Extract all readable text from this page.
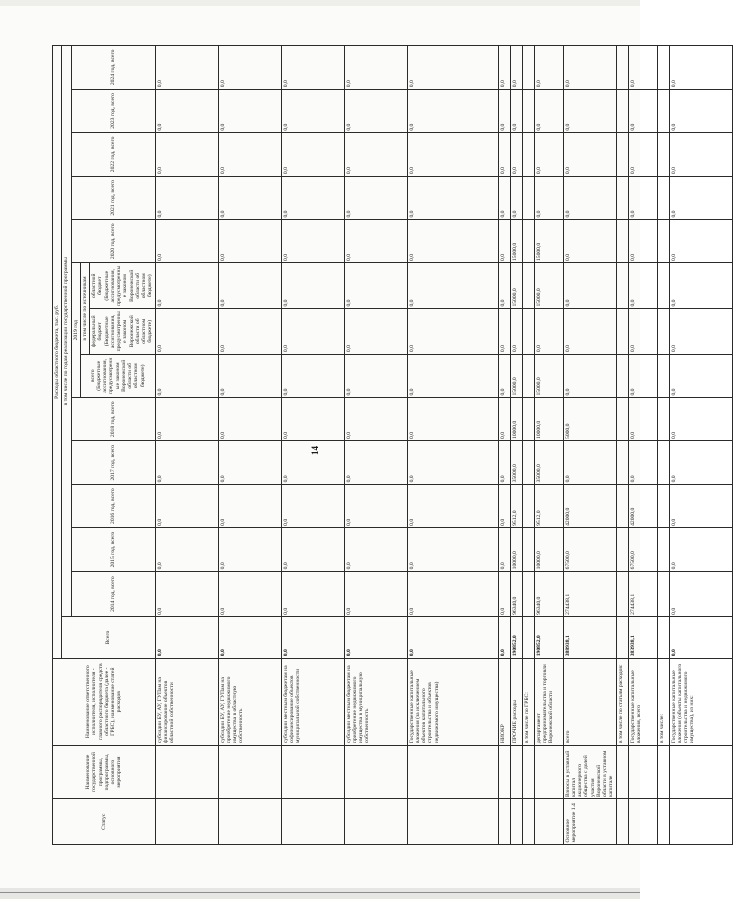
14
Статус	Наименование государственной программы, подпрограммы, основного мероприятия	Наименование ответственного исполнителя, исполнителя - главного распорядителя средств областного бюджета (далее - ГРБС), наименование статей расходов	Расходы областного бюджета, тыс. руб.													
			Всего	в том числе по годам реализации государственной программы												
				2014 год, всего	2015 год, всего	2016 год, всего	2017 год, всего	2018 год, всего	2019 год			2020 год, всего	2021 год, всего	2022 год, всего	2023 год, всего	2024 год, всего
									всего (Бюджетные ассигнования, предусмотренные законом Воронежской области об областном бюджете)	в том числе по источникам						
										федеральный бюджет (Бюджетные ассигнования, предусмотренные законом Воронежской области об областном бюджете)	областной бюджет (Бюджетные ассигнования, предусмотренные законом Воронежской области об областном бюджете)					
		субсидии БУ, АУ, ГУПам на финансирование объектов областной собственности	0,0	0,0	0,0	0,0	0,0	0,0	0,0	0,0	0,0	0,0	0,0	0,0	0,0	0,0
		субсидии БУ, АУ, ГУПам на приобретение недвижимого имущества в областную собственность	0,0	0,0	0,0	0,0	0,0	0,0	0,0	0,0	0,0	0,0	0,0	0,0	0,0	0,0
		субсидии местным бюджетам на софинансирование объектов муниципальной собственности	0,0	0,0	0,0	0,0	0,0	0,0	0,0	0,0	0,0	0,0	0,0	0,0	0,0	0,0
		субсидии местным бюджетам на приобретение недвижимого имущества в муниципальную собственность	0,0	0,0	0,0	0,0	0,0	0,0	0,0	0,0	0,0	0,0	0,0	0,0	0,0	0,0
		Государственные капитальные вложения (за исключением объектов капитального строительства и объектов недвижимого имущества)	0,0	0,0	0,0	0,0	0,0	0,0	0,0	0,0	0,0	0,0	0,0	0,0	0,0	0,0
		НИОКР	0,0	0,0	0,0	0,0	0,0	0,0	0,0	0,0	0,0	0,0	0,0	0,0	0,0	0,0
		ПРОЧИЕ расходы	190852,0	96340,0	10000,0	9512,0	35000,0	10000,0	15000,0	0,0	15000,0	15000,0	0,0	0,0	0,0	0,0
		в том числе по ГРБС:														
		департамент предпринимательства и торговли Воронежской области	190852,0	96340,0	10000,0	9512,0	35000,0	10000,0	15000,0	0,0	15000,0	15000,0	0,0	0,0	0,0	0,0
Основное мероприятие 1.4	Взносы в уставный капитал акционерного общества с долей участия Воронежской области в уставном капитале	всего	388938,1	274438,1	67500,0	42000,0	0,0	5000,0	0,0	0,0	0,0	0,0	0,0	0,0	0,0	0,0
		в том числе по статьям расходов:														
		Государственные капитальные вложения, всего	383938,1	274438,1	67500,0	42000,0	0,0	0,0	0,0	0,0	0,0	0,0	0,0	0,0	0,0	0,0
		в том числе:														
		Государственные капитальные вложения (объекты капитального строительства и недвижимого имущества), из них:	0,0	0,0	0,0	0,0	0,0	0,0	0,0	0,0	0,0	0,0	0,0	0,0	0,0	0,0
